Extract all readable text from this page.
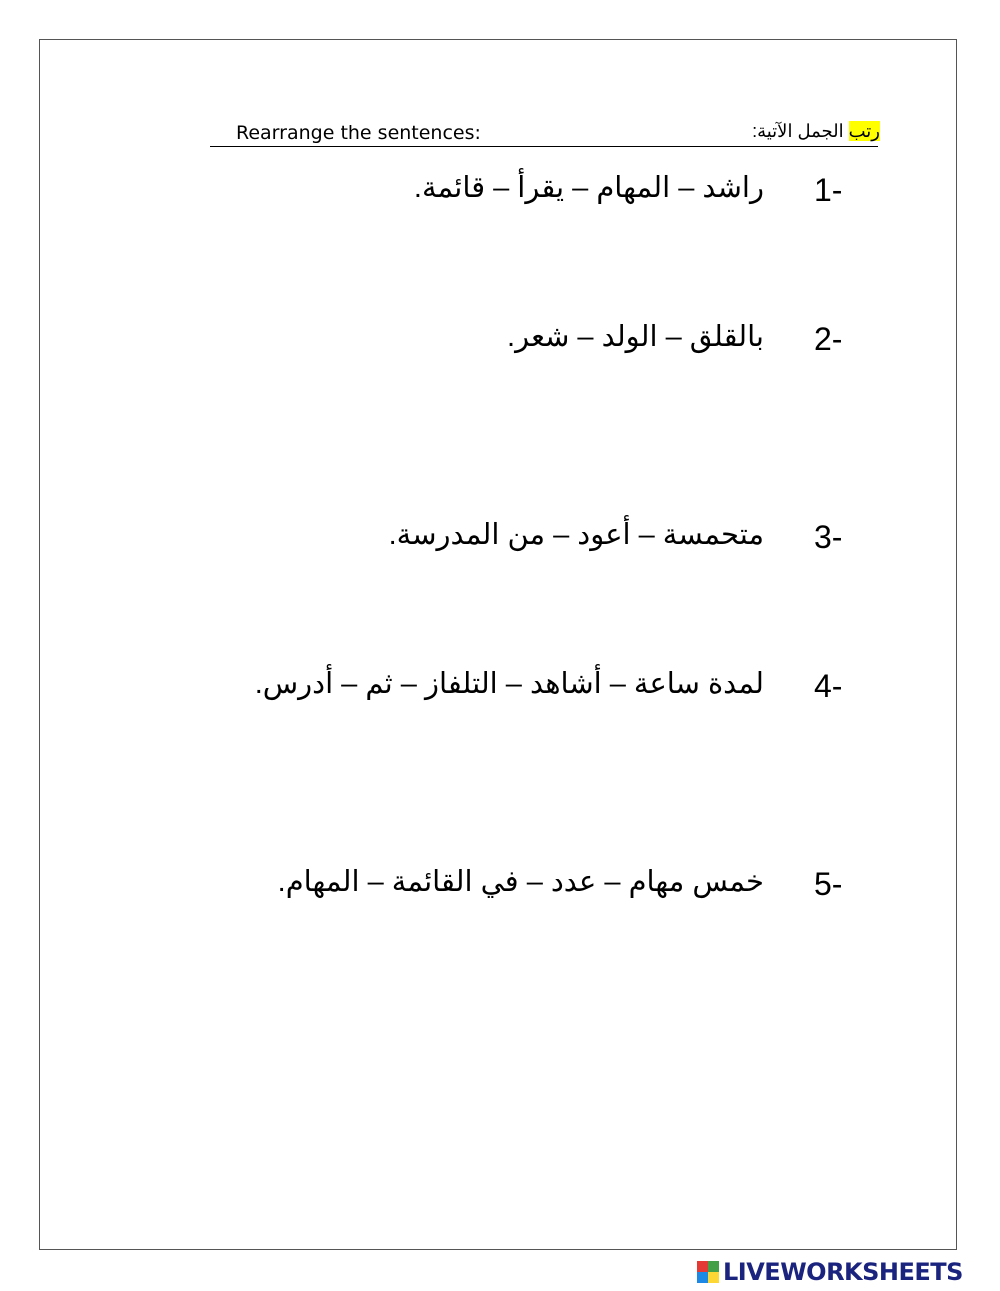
Rearrange the sentences:	رتب الجمل الآتية:
1-
راشد – المهام – يقرأ – قائمة.
2-
بالقلق – الولد – شعر.
3-
متحمسة – أعود – من المدرسة.
4-
لمدة ساعة – أشاهد – التلفاز – ثم – أدرس.
5-
خمس مهام – عدد – في القائمة – المهام.
LIVEWORKSHEETS
